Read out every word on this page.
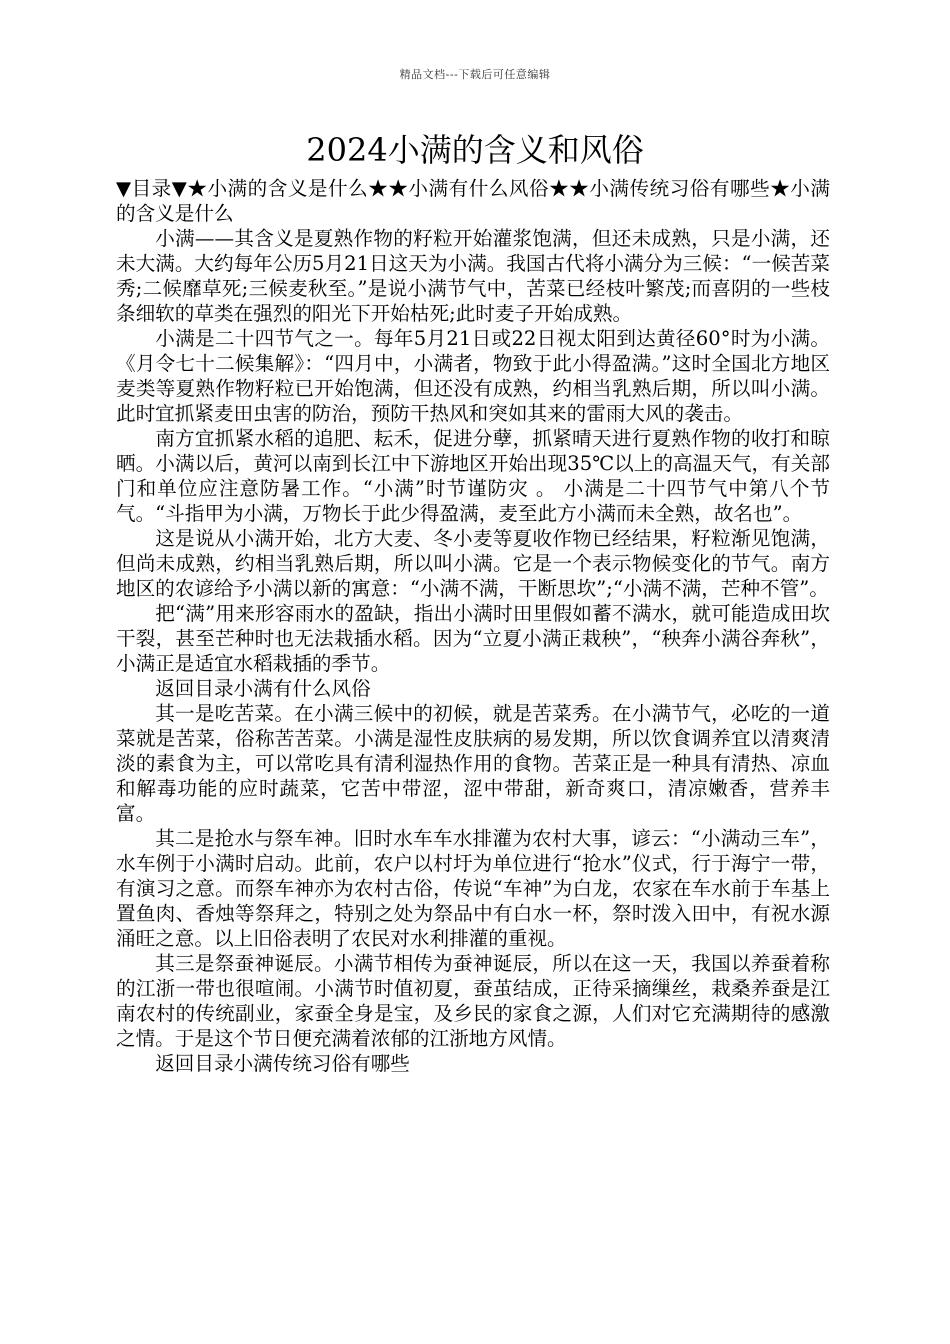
精品文档---下载后可任意编辑
2024小满的含义和风俗

▼目录▼★小满的含义是什么★★小满有什么风俗★★小满传统习俗有哪些★小满的含义是什么

小满——其含义是夏熟作物的籽粒开始灌浆饱满，但还未成熟，只是小满，还未大满。大约每年公历5月21日这天为小满。我国古代将小满分为三候：“一候苦菜秀;二候靡草死;三候麦秋至。”是说小满节气中，苦菜已经枝叶繁茂;而喜阴的一些枝条细软的草类在强烈的阳光下开始枯死;此时麦子开始成熟。

小满是二十四节气之一。每年5月21日或22日视太阳到达黄径60°时为小满。《月令七十二候集解》：“四月中，小满者，物致于此小得盈满。”这时全国北方地区麦类等夏熟作物籽粒已开始饱满，但还没有成熟，约相当乳熟后期，所以叫小满。此时宜抓紧麦田虫害的防治，预防干热风和突如其来的雷雨大风的袭击。

南方宜抓紧水稻的追肥、耘禾，促进分孽，抓紧晴天进行夏熟作物的收打和晾晒。小满以后，黄河以南到长江中下游地区开始出现35℃以上的高温天气，有关部门和单位应注意防暑工作。“小满”时节谨防灾 。 小满是二十四节气中第八个节气。“斗指甲为小满，万物长于此少得盈满，麦至此方小满而未全熟，故名也”。

这是说从小满开始，北方大麦、冬小麦等夏收作物已经结果，籽粒渐见饱满，但尚未成熟，约相当乳熟后期，所以叫小满。它是一个表示物候变化的节气。南方地区的农谚给予小满以新的寓意：“小满不满，干断思坎”;“小满不满，芒种不管”。

把“满”用来形容雨水的盈缺，指出小满时田里假如蓄不满水，就可能造成田坎干裂，甚至芒种时也无法栽插水稻。因为“立夏小满正栽秧”，“秧奔小满谷奔秋”，小满正是适宜水稻栽插的季节。

返回目录小满有什么风俗

其一是吃苦菜。在小满三候中的初候，就是苦菜秀。在小满节气，必吃的一道菜就是苦菜，俗称苦苦菜。小满是湿性皮肤病的易发期，所以饮食调养宜以清爽清淡的素食为主，可以常吃具有清利湿热作用的食物。苦菜正是一种具有清热、凉血和解毒功能的应时蔬菜，它苦中带涩，涩中带甜，新奇爽口，清凉嫩香，营养丰富。

其二是抢水与祭车神。旧时水车车水排灌为农村大事，谚云：“小满动三车”，水车例于小满时启动。此前，农户以村圩为单位进行“抢水”仪式，行于海宁一带，有演习之意。而祭车神亦为农村古俗，传说“车神”为白龙，农家在车水前于车基上置鱼肉、香烛等祭拜之，特别之处为祭品中有白水一杯，祭时泼入田中，有祝水源涌旺之意。以上旧俗表明了农民对水利排灌的重视。

其三是祭蚕神诞辰。小满节相传为蚕神诞辰，所以在这一天，我国以养蚕着称的江浙一带也很喧闹。小满节时值初夏，蚕茧结成，正待采摘缫丝，栽桑养蚕是江南农村的传统副业，家蚕全身是宝，及乡民的家食之源，人们对它充满期待的感激之情。于是这个节日便充满着浓郁的江浙地方风情。

返回目录小满传统习俗有哪些
